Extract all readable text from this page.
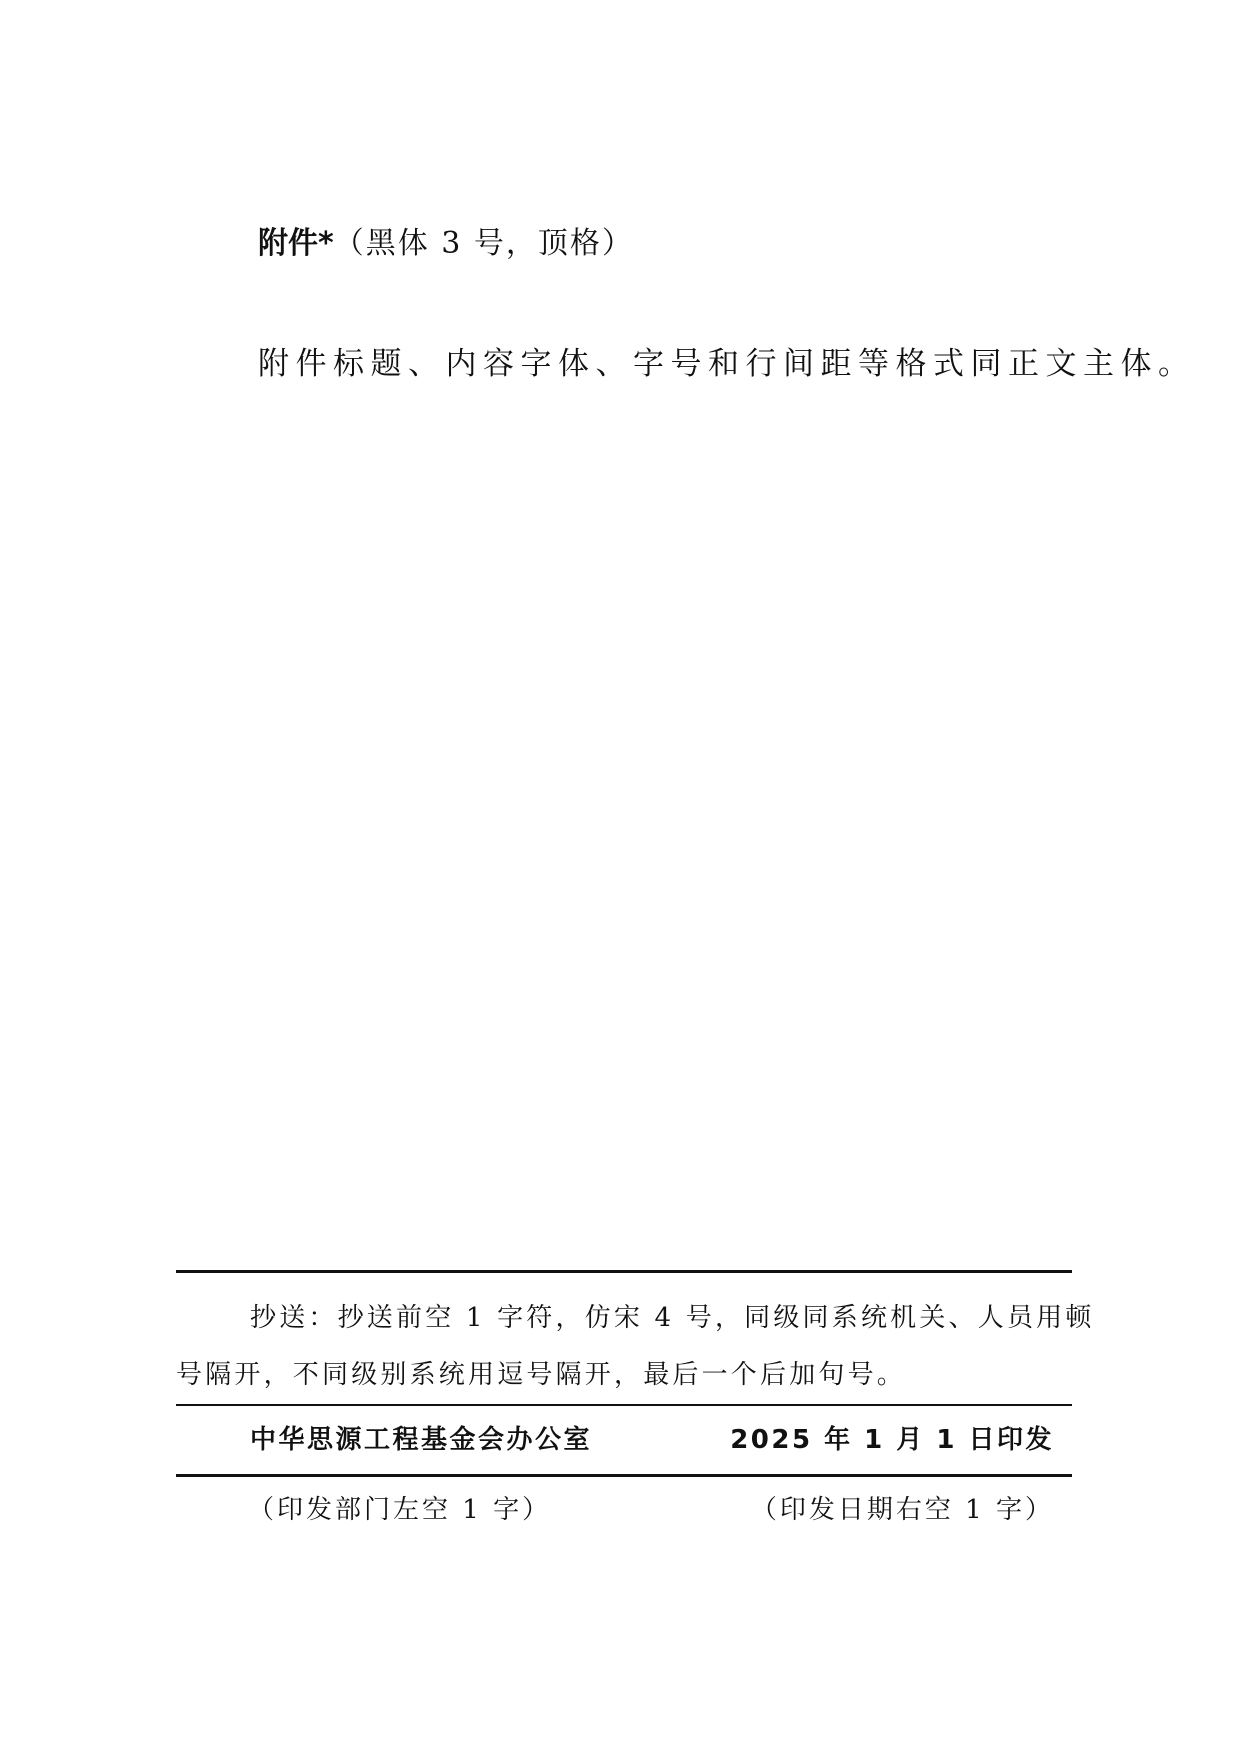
附件*（黑体 3 号，顶格）
附件标题、内容字体、字号和行间距等格式同正文主体。
抄送：抄送前空 1 字符，仿宋 4 号，同级同系统机关、人员用顿
号隔开，不同级别系统用逗号隔开，最后一个后加句号。
中华思源工程基金会办公室	2025 年 1 月 1 日印发
（印发部门左空 1 字）	（印发日期右空 1 字）
